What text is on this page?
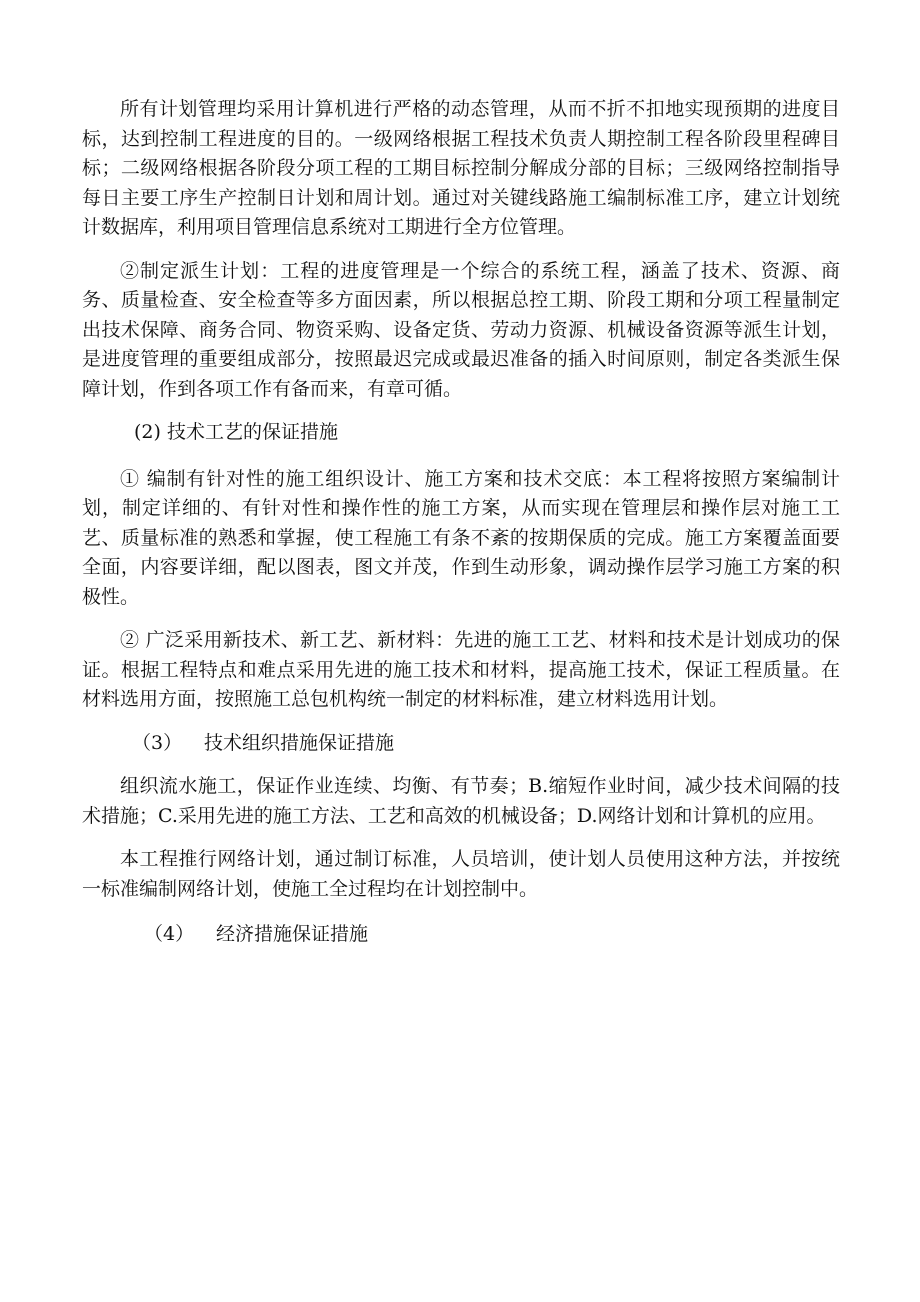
所有计划管理均采用计算机进行严格的动态管理，从而不折不扣地实现预期的进度目标，达到控制工程进度的目的。一级网络根据工程技术负责人期控制工程各阶段里程碑目标；二级网络根据各阶段分项工程的工期目标控制分解成分部的目标；三级网络控制指导每日主要工序生产控制日计划和周计划。通过对关键线路施工编制标准工序，建立计划统计数据库，利用项目管理信息系统对工期进行全方位管理。

②制定派生计划：工程的进度管理是一个综合的系统工程，涵盖了技术、资源、商务、质量检查、安全检查等多方面因素，所以根据总控工期、阶段工期和分项工程量制定出技术保障、商务合同、物资采购、设备定货、劳动力资源、机械设备资源等派生计划，是进度管理的重要组成部分，按照最迟完成或最迟准备的插入时间原则，制定各类派生保障计划，作到各项工作有备而来，有章可循。

(2) 技术工艺的保证措施

① 编制有针对性的施工组织设计、施工方案和技术交底：本工程将按照方案编制计划，制定详细的、有针对性和操作性的施工方案，从而实现在管理层和操作层对施工工艺、质量标准的熟悉和掌握，使工程施工有条不紊的按期保质的完成。施工方案覆盖面要全面，内容要详细，配以图表，图文并茂，作到生动形象，调动操作层学习施工方案的积极性。

② 广泛采用新技术、新工艺、新材料：先进的施工工艺、材料和技术是计划成功的保证。根据工程特点和难点采用先进的施工技术和材料，提高施工技术，保证工程质量。在材料选用方面，按照施工总包机构统一制定的材料标准，建立材料选用计划。

（3） 技术组织措施保证措施

组织流水施工，保证作业连续、均衡、有节奏；B.缩短作业时间，减少技术间隔的技术措施；C.采用先进的施工方法、工艺和高效的机械设备；D.网络计划和计算机的应用。

本工程推行网络计划，通过制订标准，人员培训，使计划人员使用这种方法，并按统一标准编制网络计划，使施工全过程均在计划控制中。

（4） 经济措施保证措施
